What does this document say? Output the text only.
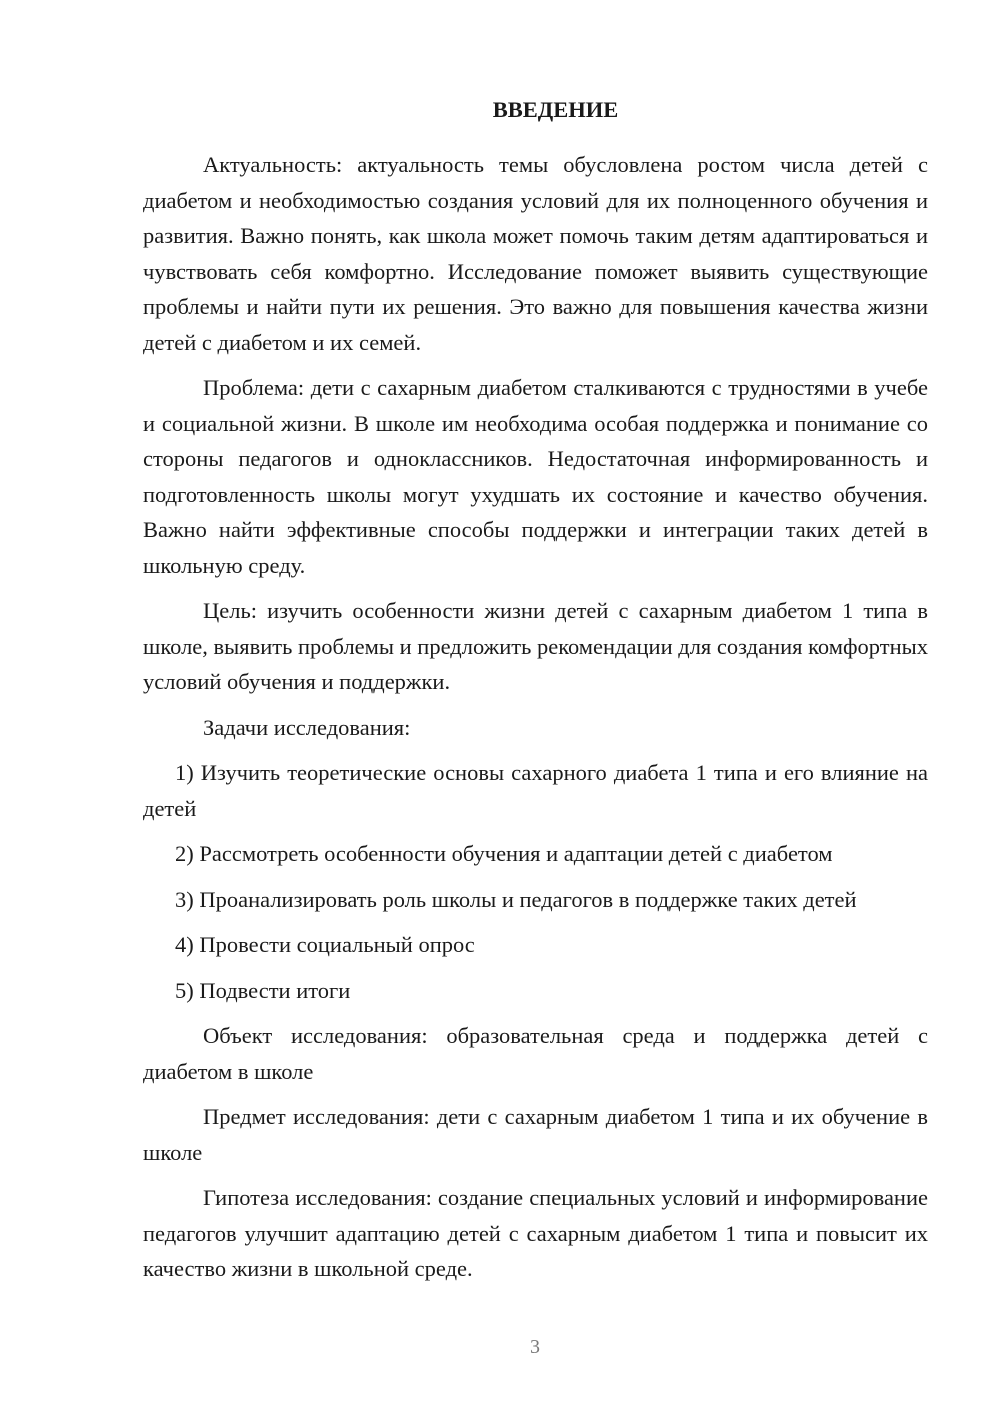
ВВЕДЕНИЕ

Актуальность: актуальность темы обусловлена ростом числа детей с диабетом и необходимостью создания условий для их полноценного обучения и развития. Важно понять, как школа может помочь таким детям адаптироваться и чувствовать себя комфортно. Исследование поможет выявить существующие проблемы и найти пути их решения. Это важно для повышения качества жизни детей с диабетом и их семей.

Проблема: дети с сахарным диабетом сталкиваются с трудностями в учебе и социальной жизни. В школе им необходима особая поддержка и понимание со стороны педагогов и одноклассников. Недостаточная информированность и подготовленность школы могут ухудшать их состояние и качество обучения. Важно найти эффективные способы поддержки и интеграции таких детей в школьную среду.

Цель: изучить особенности жизни детей с сахарным диабетом 1 типа в школе, выявить проблемы и предложить рекомендации для создания комфортных условий обучения и поддержки.

Задачи исследования:

1) Изучить теоретические основы сахарного диабета 1 типа и его влияние на детей

2) Рассмотреть особенности обучения и адаптации детей с диабетом

3) Проанализировать роль школы и педагогов в поддержке таких детей

4) Провести социальный опрос

5) Подвести итоги

Объект исследования: образовательная среда и поддержка детей с диабетом в школе

Предмет исследования: дети с сахарным диабетом 1 типа и их обучение в школе

Гипотеза исследования: создание специальных условий и информирование педагогов улучшит адаптацию детей с сахарным диабетом 1 типа и повысит их качество жизни в школьной среде.

3
